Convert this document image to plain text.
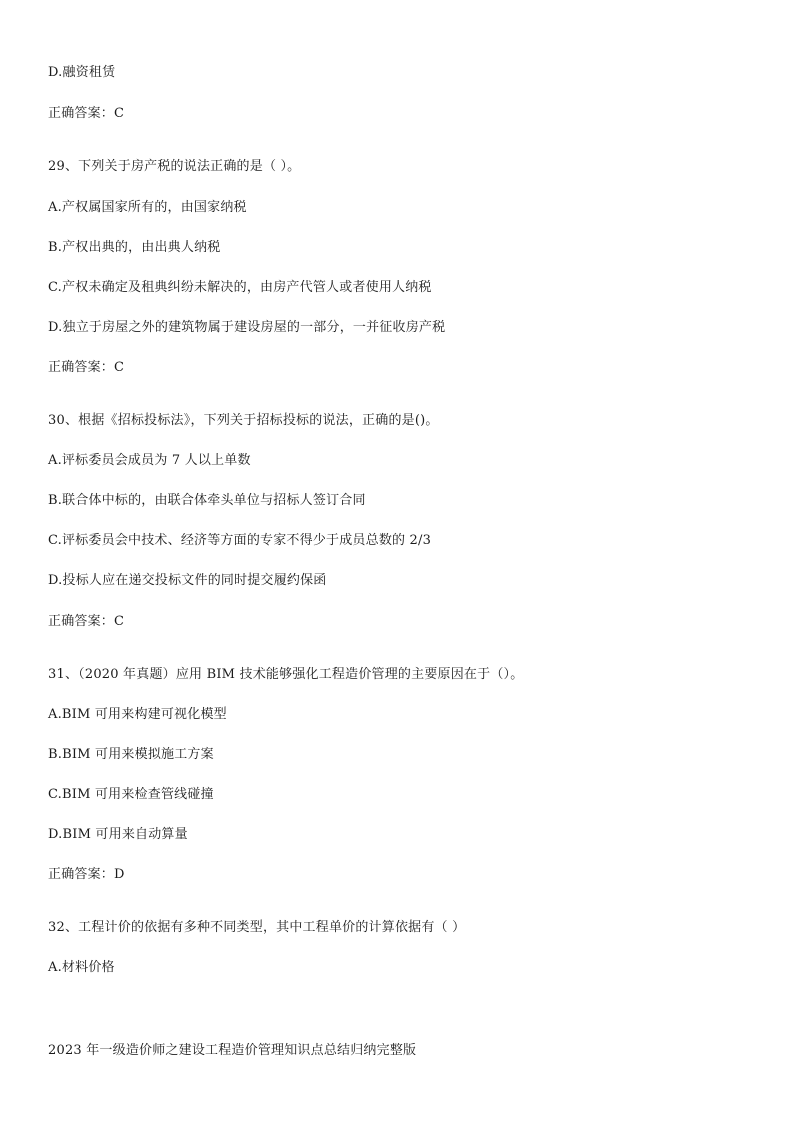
D.融资租赁
正确答案：C
29、下列关于房产税的说法正确的是（ ）。
A.产权属国家所有的，由国家纳税
B.产权出典的，由出典人纳税
C.产权未确定及租典纠纷未解决的，由房产代管人或者使用人纳税
D.独立于房屋之外的建筑物属于建设房屋的一部分，一并征收房产税
正确答案：C
30、根据《招标投标法》，下列关于招标投标的说法，正确的是()。
A.评标委员会成员为 7 人以上单数
B.联合体中标的，由联合体牵头单位与招标人签订合同
C.评标委员会中技术、经济等方面的专家不得少于成员总数的 2/3
D.投标人应在递交投标文件的同时提交履约保函
正确答案：C
31、（2020 年真题）应用 BIM 技术能够强化工程造价管理的主要原因在于（）。
A.BIM 可用来构建可视化模型
B.BIM 可用来模拟施工方案
C.BIM 可用来检查管线碰撞
D.BIM 可用来自动算量
正确答案：D
32、工程计价的依据有多种不同类型，其中工程单价的计算依据有（ ）
A.材料价格
2023 年一级造价师之建设工程造价管理知识点总结归纳完整版
